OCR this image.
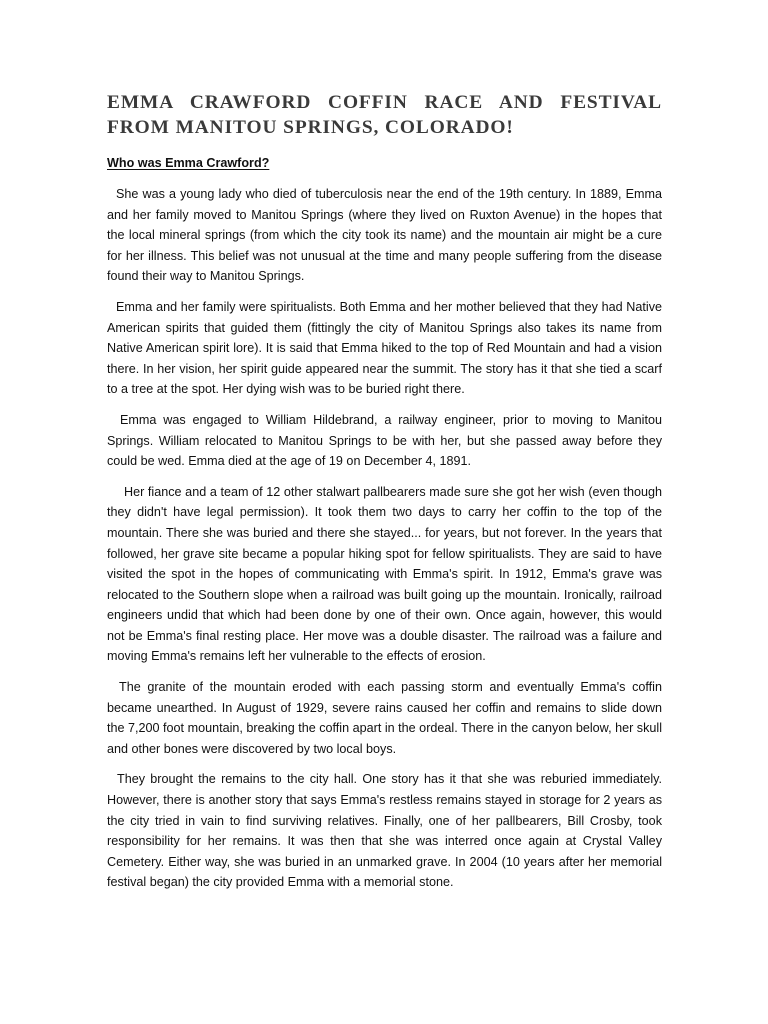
EMMA CRAWFORD COFFIN RACE AND FESTIVAL FROM MANITOU SPRINGS, COLORADO!
Who was Emma Crawford?

She was a young lady who died of tuberculosis near the end of the 19th century. In 1889, Emma and her family moved to Manitou Springs (where they lived on Ruxton Avenue) in the hopes that the local mineral springs (from which the city took its name) and the mountain air might be a cure for her illness. This belief was not unusual at the time and many people suffering from the disease found their way to Manitou Springs.

Emma and her family were spiritualists. Both Emma and her mother believed that they had Native American spirits that guided them (fittingly the city of Manitou Springs also takes its name from Native American spirit lore). It is said that Emma hiked to the top of Red Mountain and had a vision there. In her vision, her spirit guide appeared near the summit. The story has it that she tied a scarf to a tree at the spot. Her dying wish was to be buried right there.

Emma was engaged to William Hildebrand, a railway engineer, prior to moving to Manitou Springs. William relocated to Manitou Springs to be with her, but she passed away before they could be wed. Emma died at the age of 19 on December 4, 1891.

Her fiance and a team of 12 other stalwart pallbearers made sure she got her wish (even though they didn't have legal permission). It took them two days to carry her coffin to the top of the mountain. There she was buried and there she stayed... for years, but not forever. In the years that followed, her grave site became a popular hiking spot for fellow spiritualists. They are said to have visited the spot in the hopes of communicating with Emma's spirit. In 1912, Emma's grave was relocated to the Southern slope when a railroad was built going up the mountain. Ironically, railroad engineers undid that which had been done by one of their own. Once again, however, this would not be Emma's final resting place. Her move was a double disaster. The railroad was a failure and moving Emma's remains left her vulnerable to the effects of erosion.

The granite of the mountain eroded with each passing storm and eventually Emma's coffin became unearthed. In August of 1929, severe rains caused her coffin and remains to slide down the 7,200 foot mountain, breaking the coffin apart in the ordeal. There in the canyon below, her skull and other bones were discovered by two local boys.

They brought the remains to the city hall. One story has it that she was reburied immediately. However, there is another story that says Emma's restless remains stayed in storage for 2 years as the city tried in vain to find surviving relatives. Finally, one of her pallbearers, Bill Crosby, took responsibility for her remains. It was then that she was interred once again at Crystal Valley Cemetery. Either way, she was buried in an unmarked grave. In 2004 (10 years after her memorial festival began) the city provided Emma with a memorial stone.
